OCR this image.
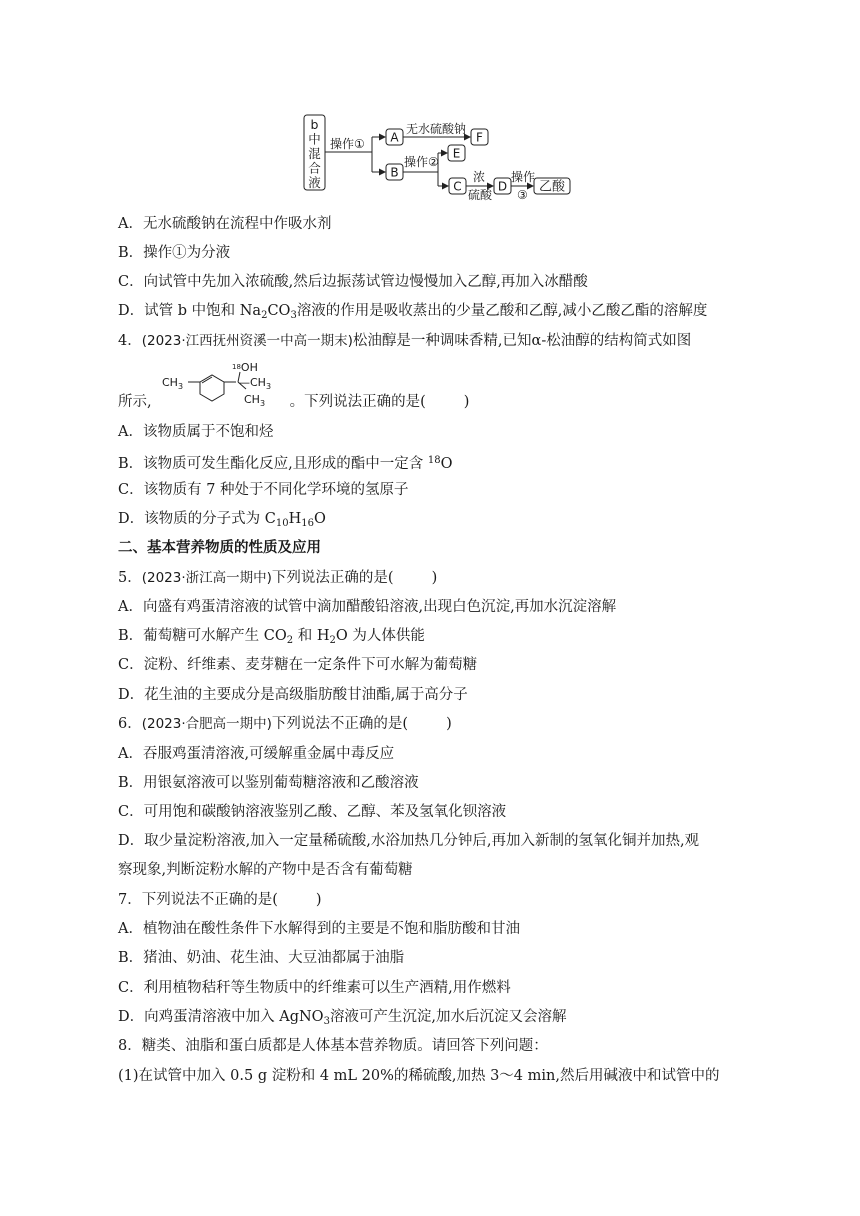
b 中混合液
操作① A
B
无水硫酸钠
F
操作②
E
C
浓
硫酸
D
操作
③
乙酸
A．无水硫酸钠在流程中作吸水剂
B．操作①为分液
C．向试管中先加入浓硫酸,然后边振荡试管边慢慢加入乙醇,再加入冰醋酸
D．试管 b 中饱和 $Na_2CO_3$溶液的作用是吸收蒸出的少量乙酸和乙醇,减小乙酸乙酯的溶解度
4．(2023·江西抚州资溪一中高一期末)松油醇是一种调味香精,已知α-松油醇的结构简式如图
$CH_3$
18OH
$—CH_3$
$CH_3$
所示,	。下列说法正确的是(	)
A．该物质属于不饱和烃
B．该物质可发生酯化反应,且形成的酯中一定含 $^{18}$O
C．该物质有 7 种处于不同化学环境的氢原子
D．该物质的分子式为 $C_{10}H_{16}O$
二、基本营养物质的性质及应用
5．(2023·浙江高一期中)下列说法正确的是(	)
A．向盛有鸡蛋清溶液的试管中滴加醋酸铅溶液,出现白色沉淀,再加水沉淀溶解
B．葡萄糖可水解产生 $CO_2$ 和 $H_2O$ 为人体供能
C．淀粉、纤维素、麦芽糖在一定条件下可水解为葡萄糖
D．花生油的主要成分是高级脂肪酸甘油酯,属于高分子
6．(2023·合肥高一期中)下列说法不正确的是(	)
A．吞服鸡蛋清溶液,可缓解重金属中毒反应
B．用银氨溶液可以鉴别葡萄糖溶液和乙酸溶液
C．可用饱和碳酸钠溶液鉴别乙酸、乙醇、苯及氢氧化钡溶液
D．取少量淀粉溶液,加入一定量稀硫酸,水浴加热几分钟后,再加入新制的氢氧化铜并加热,观
察现象,判断淀粉水解的产物中是否含有葡萄糖
7．下列说法不正确的是(	)
A．植物油在酸性条件下水解得到的主要是不饱和脂肪酸和甘油
B．猪油、奶油、花生油、大豆油都属于油脂
C．利用植物秸秆等生物质中的纤维素可以生产酒精,用作燃料
D．向鸡蛋清溶液中加入 AgNO$_3$溶液可产生沉淀,加水后沉淀又会溶解
8．糖类、油脂和蛋白质都是人体基本营养物质。请回答下列问题：
(1)在试管中加入 0.5 g 淀粉和 4 mL 20%的稀硫酸,加热 3～4 min,然后用碱液中和试管中的
